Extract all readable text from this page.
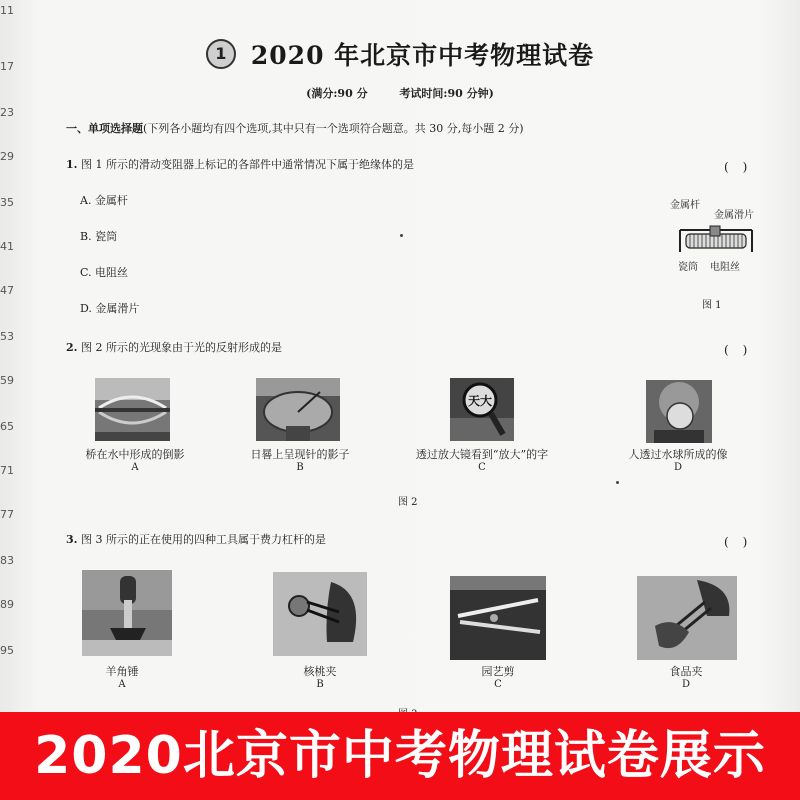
11
17
23
29
35
41
47
53
59
65
71
77
83
89
95
1 2020 年北京市中考物理试卷
(满分:90 分	考试时间:90 分钟)
一、单项选择题(下列各小题均有四个选项,其中只有一个选项符合题意。共 30 分,每小题 2 分)
1. 图 1 所示的滑动变阻器上标记的各部件中通常情况下属于绝缘体的是	()
A. 金属杆
B. 瓷筒
C. 电阻丝
D. 金属滑片
金属杆
金属滑片
瓷筒 电阻丝
图 1
2. 图 2 所示的光现象由于光的反射形成的是	()
桥在水中形成的倒影
A
日晷上呈现针的影子
B
天大
透过放大镜看到“放大”的字
C
人透过水球所成的像
D
图 2
3. 图 3 所示的正在使用的四种工具属于费力杠杆的是	()
羊角锤
A
核桃夹
B
园艺剪
C
食品夹
D
2020北京市中考物理试卷展示
